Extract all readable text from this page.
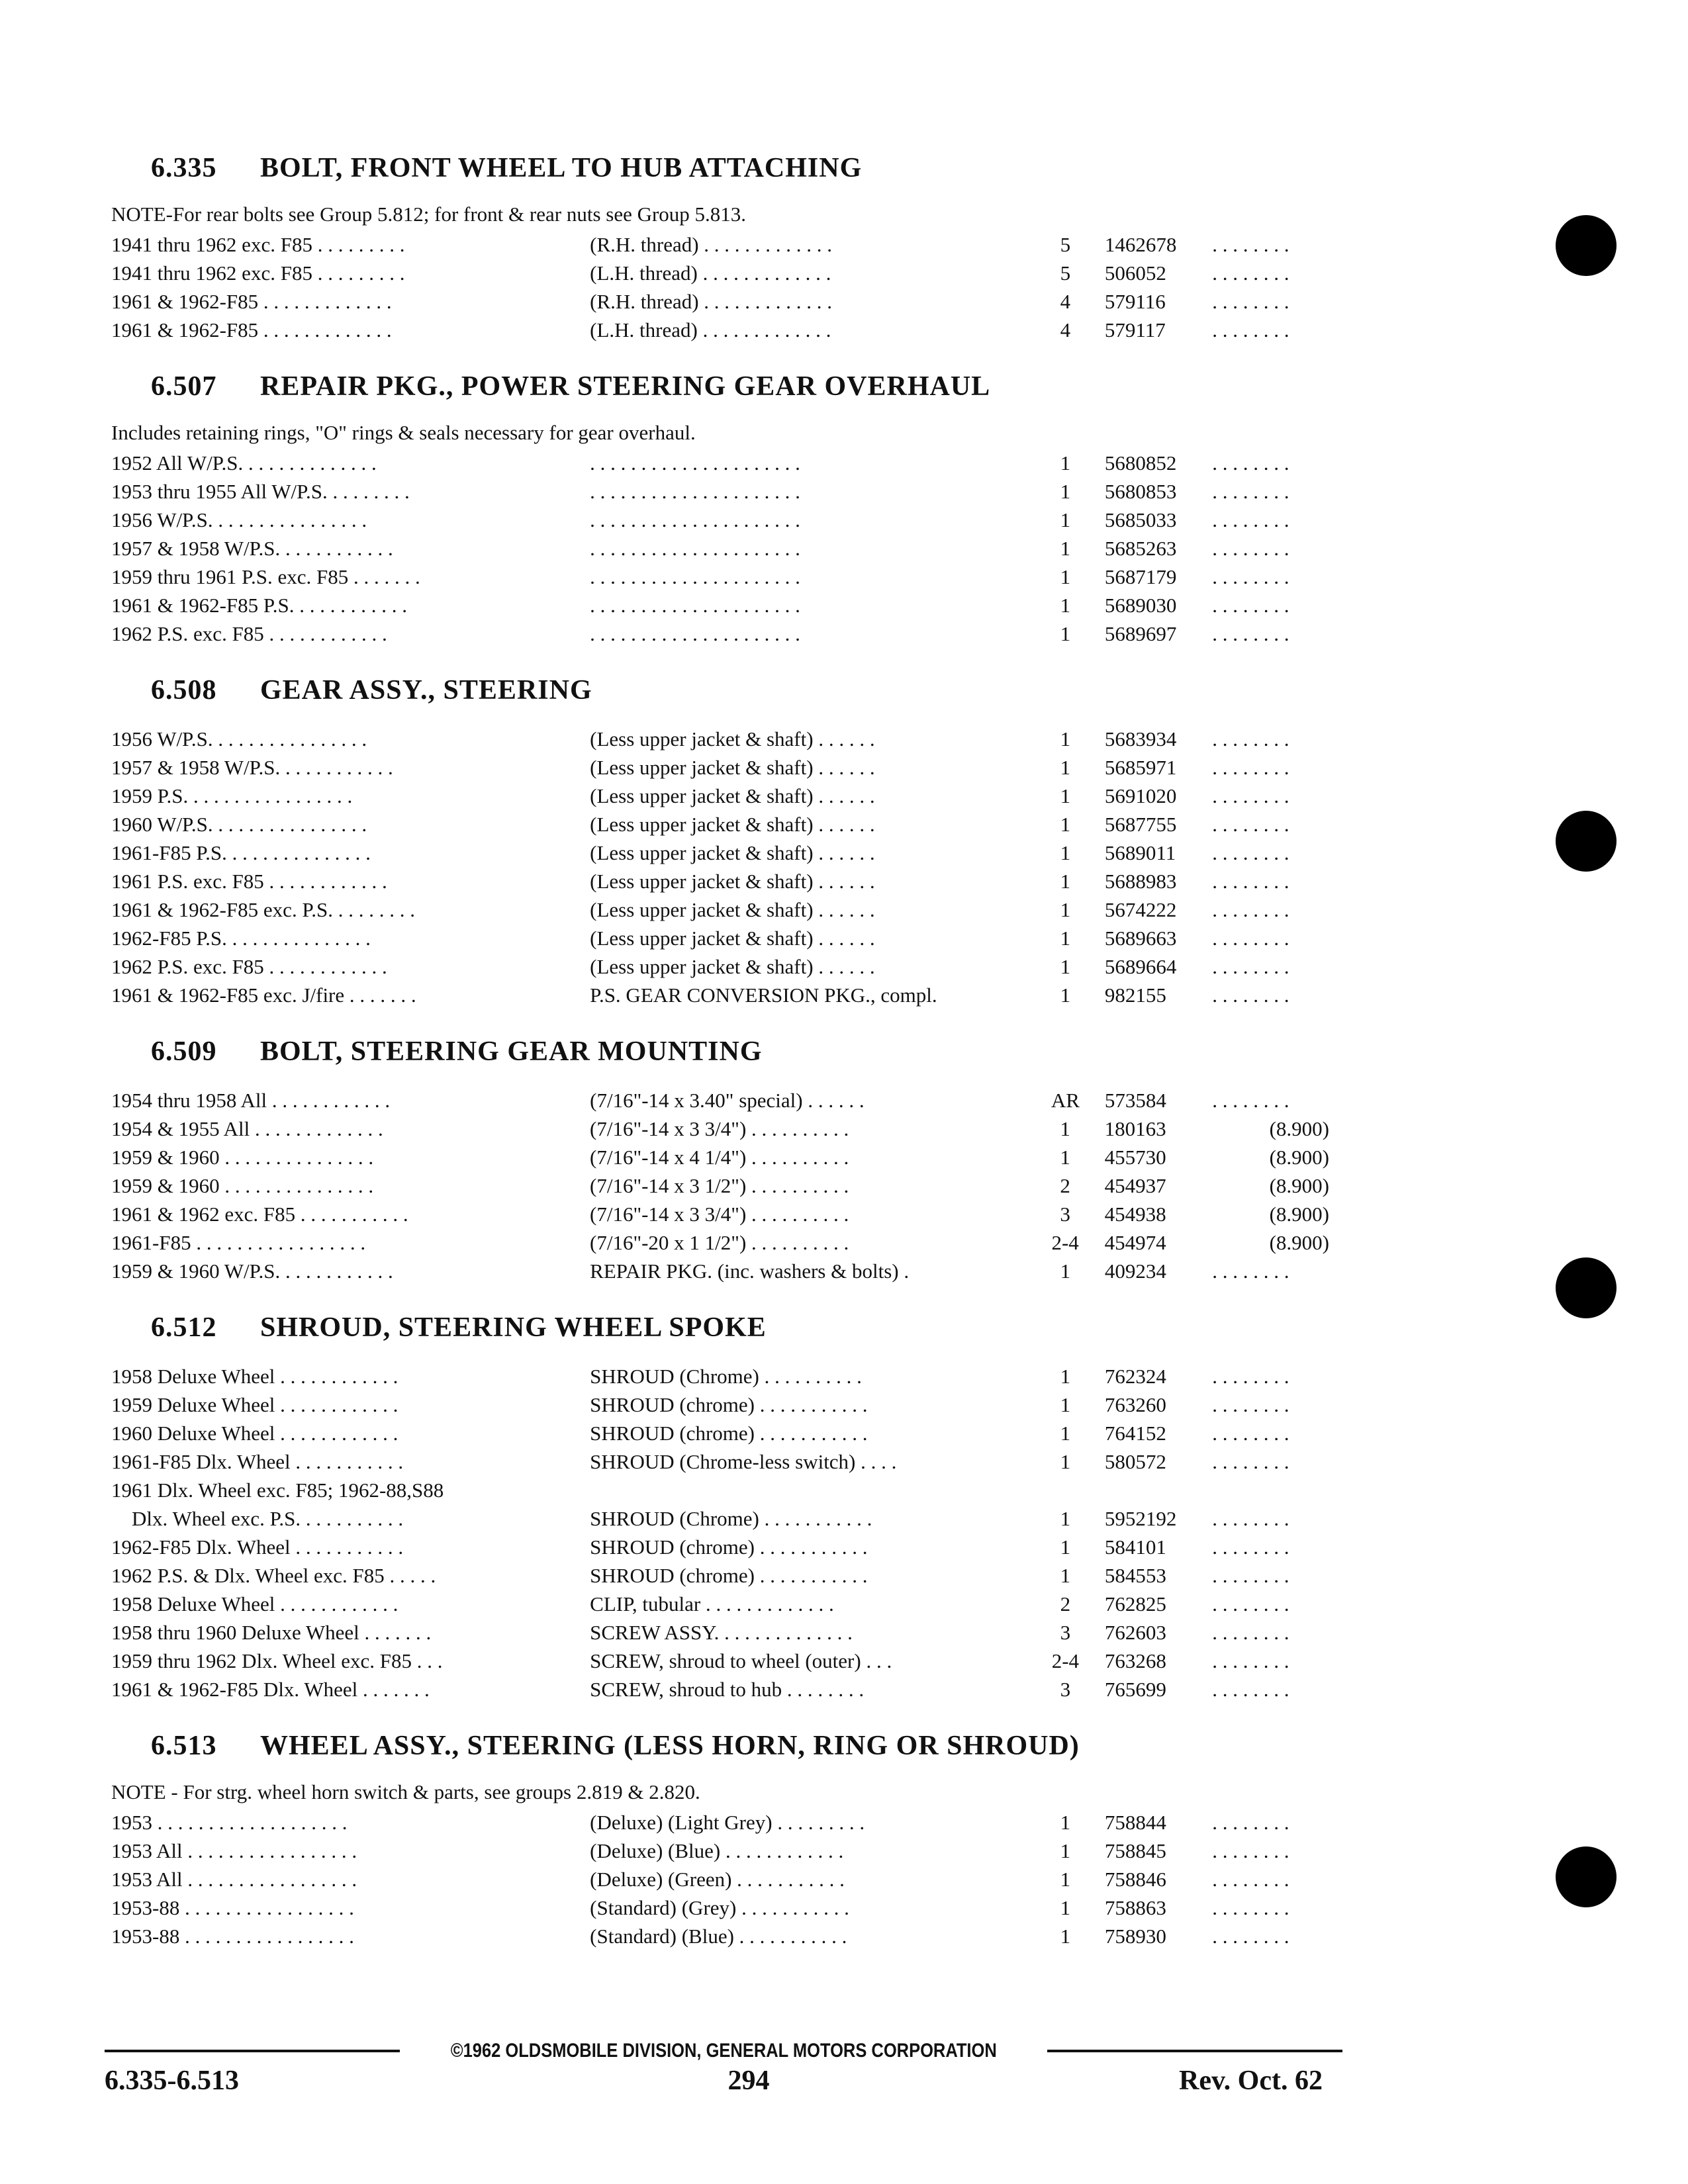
6.335	BOLT, FRONT WHEEL TO HUB ATTACHING
NOTE-For rear bolts see Group 5.812; for front & rear nuts see Group 5.813.
1941 thru 1962 exc. F85 . . . . . . . . .	(R.H. thread) . . . . . . . . . . . . .	5	1462678	. . . . . . . .
1941 thru 1962 exc. F85 . . . . . . . . .	(L.H. thread) . . . . . . . . . . . . .	5	506052	. . . . . . . .
1961 & 1962-F85 . . . . . . . . . . . . .	(R.H. thread) . . . . . . . . . . . . .	4	579116	. . . . . . . .
1961 & 1962-F85 . . . . . . . . . . . . .	(L.H. thread) . . . . . . . . . . . . .	4	579117	. . . . . . . .
6.507	REPAIR PKG., POWER STEERING GEAR OVERHAUL
Includes retaining rings, "O" rings & seals necessary for gear overhaul.
1952 All W/P.S. . . . . . . . . . . . . .	. . . . . . . . . . . . . . . . . . . . .	1	5680852	. . . . . . . .
1953 thru 1955 All W/P.S. . . . . . . . .	. . . . . . . . . . . . . . . . . . . . .	1	5680853	. . . . . . . .
1956 W/P.S. . . . . . . . . . . . . . . .	. . . . . . . . . . . . . . . . . . . . .	1	5685033	. . . . . . . .
1957 & 1958 W/P.S. . . . . . . . . . . .	. . . . . . . . . . . . . . . . . . . . .	1	5685263	. . . . . . . .
1959 thru 1961 P.S. exc. F85 . . . . . . .	. . . . . . . . . . . . . . . . . . . . .	1	5687179	. . . . . . . .
1961 & 1962-F85 P.S. . . . . . . . . . . .	. . . . . . . . . . . . . . . . . . . . .	1	5689030	. . . . . . . .
1962 P.S. exc. F85 . . . . . . . . . . . .	. . . . . . . . . . . . . . . . . . . . .	1	5689697	. . . . . . . .
6.508	GEAR ASSY., STEERING
1956 W/P.S. . . . . . . . . . . . . . . .	(Less upper jacket & shaft) . . . . . .	1	5683934	. . . . . . . .
1957 & 1958 W/P.S. . . . . . . . . . . .	(Less upper jacket & shaft) . . . . . .	1	5685971	. . . . . . . .
1959 P.S. . . . . . . . . . . . . . . . .	(Less upper jacket & shaft) . . . . . .	1	5691020	. . . . . . . .
1960 W/P.S. . . . . . . . . . . . . . . .	(Less upper jacket & shaft) . . . . . .	1	5687755	. . . . . . . .
1961-F85 P.S. . . . . . . . . . . . . . .	(Less upper jacket & shaft) . . . . . .	1	5689011	. . . . . . . .
1961 P.S. exc. F85 . . . . . . . . . . . .	(Less upper jacket & shaft) . . . . . .	1	5688983	. . . . . . . .
1961 & 1962-F85 exc. P.S. . . . . . . . .	(Less upper jacket & shaft) . . . . . .	1	5674222	. . . . . . . .
1962-F85 P.S. . . . . . . . . . . . . . .	(Less upper jacket & shaft) . . . . . .	1	5689663	. . . . . . . .
1962 P.S. exc. F85 . . . . . . . . . . . .	(Less upper jacket & shaft) . . . . . .	1	5689664	. . . . . . . .
1961 & 1962-F85 exc. J/fire . . . . . . .	P.S. GEAR CONVERSION PKG., compl.	1	982155	. . . . . . . .
6.509	BOLT, STEERING GEAR MOUNTING
1954 thru 1958 All . . . . . . . . . . . .	(7/16"-14 x 3.40" special) . . . . . .	AR	573584	. . . . . . . .
1954 & 1955 All . . . . . . . . . . . . .	(7/16"-14 x 3 3/4") . . . . . . . . . .	1	180163	(8.900)
1959 & 1960 . . . . . . . . . . . . . . .	(7/16"-14 x 4 1/4") . . . . . . . . . .	1	455730	(8.900)
1959 & 1960 . . . . . . . . . . . . . . .	(7/16"-14 x 3 1/2") . . . . . . . . . .	2	454937	(8.900)
1961 & 1962 exc. F85 . . . . . . . . . . .	(7/16"-14 x 3 3/4") . . . . . . . . . .	3	454938	(8.900)
1961-F85 . . . . . . . . . . . . . . . . .	(7/16"-20 x 1 1/2") . . . . . . . . . .	2-4	454974	(8.900)
1959 & 1960 W/P.S. . . . . . . . . . . .	REPAIR PKG. (inc. washers & bolts) .	1	409234	. . . . . . . .
6.512	SHROUD, STEERING WHEEL SPOKE
1958 Deluxe Wheel . . . . . . . . . . . .	SHROUD (Chrome) . . . . . . . . . .	1	762324	. . . . . . . .
1959 Deluxe Wheel . . . . . . . . . . . .	SHROUD (chrome) . . . . . . . . . . .	1	763260	. . . . . . . .
1960 Deluxe Wheel . . . . . . . . . . . .	SHROUD (chrome) . . . . . . . . . . .	1	764152	. . . . . . . .
1961-F85 Dlx. Wheel . . . . . . . . . . .	SHROUD (Chrome-less switch) . . . .	1	580572	. . . . . . . .
1961 Dlx. Wheel exc. F85; 1962-88,S88
Dlx. Wheel exc. P.S. . . . . . . . . . .	SHROUD (Chrome) . . . . . . . . . . .	1	5952192	. . . . . . . .
1962-F85 Dlx. Wheel . . . . . . . . . . .	SHROUD (chrome) . . . . . . . . . . .	1	584101	. . . . . . . .
1962 P.S. & Dlx. Wheel exc. F85 . . . . .	SHROUD (chrome) . . . . . . . . . . .	1	584553	. . . . . . . .
1958 Deluxe Wheel . . . . . . . . . . . .	CLIP, tubular . . . . . . . . . . . . .	2	762825	. . . . . . . .
1958 thru 1960 Deluxe Wheel . . . . . . .	SCREW ASSY. . . . . . . . . . . . . .	3	762603	. . . . . . . .
1959 thru 1962 Dlx. Wheel exc. F85 . . .	SCREW, shroud to wheel (outer) . . .	2-4	763268	. . . . . . . .
1961 & 1962-F85 Dlx. Wheel . . . . . . .	SCREW, shroud to hub . . . . . . . .	3	765699	. . . . . . . .
6.513	WHEEL ASSY., STEERING (LESS HORN, RING OR SHROUD)
NOTE - For strg. wheel horn switch & parts, see groups 2.819 & 2.820.
1953 . . . . . . . . . . . . . . . . . . .	(Deluxe) (Light Grey) . . . . . . . . .	1	758844	. . . . . . . .
1953 All . . . . . . . . . . . . . . . . .	(Deluxe) (Blue) . . . . . . . . . . . .	1	758845	. . . . . . . .
1953 All . . . . . . . . . . . . . . . . .	(Deluxe) (Green) . . . . . . . . . . .	1	758846	. . . . . . . .
1953-88 . . . . . . . . . . . . . . . . .	(Standard) (Grey) . . . . . . . . . . .	1	758863	. . . . . . . .
1953-88 . . . . . . . . . . . . . . . . .	(Standard) (Blue) . . . . . . . . . . .	1	758930	. . . . . . . .
©1962 OLDSMOBILE DIVISION, GENERAL MOTORS CORPORATION
6.335-6.513	294	Rev. Oct. 62
